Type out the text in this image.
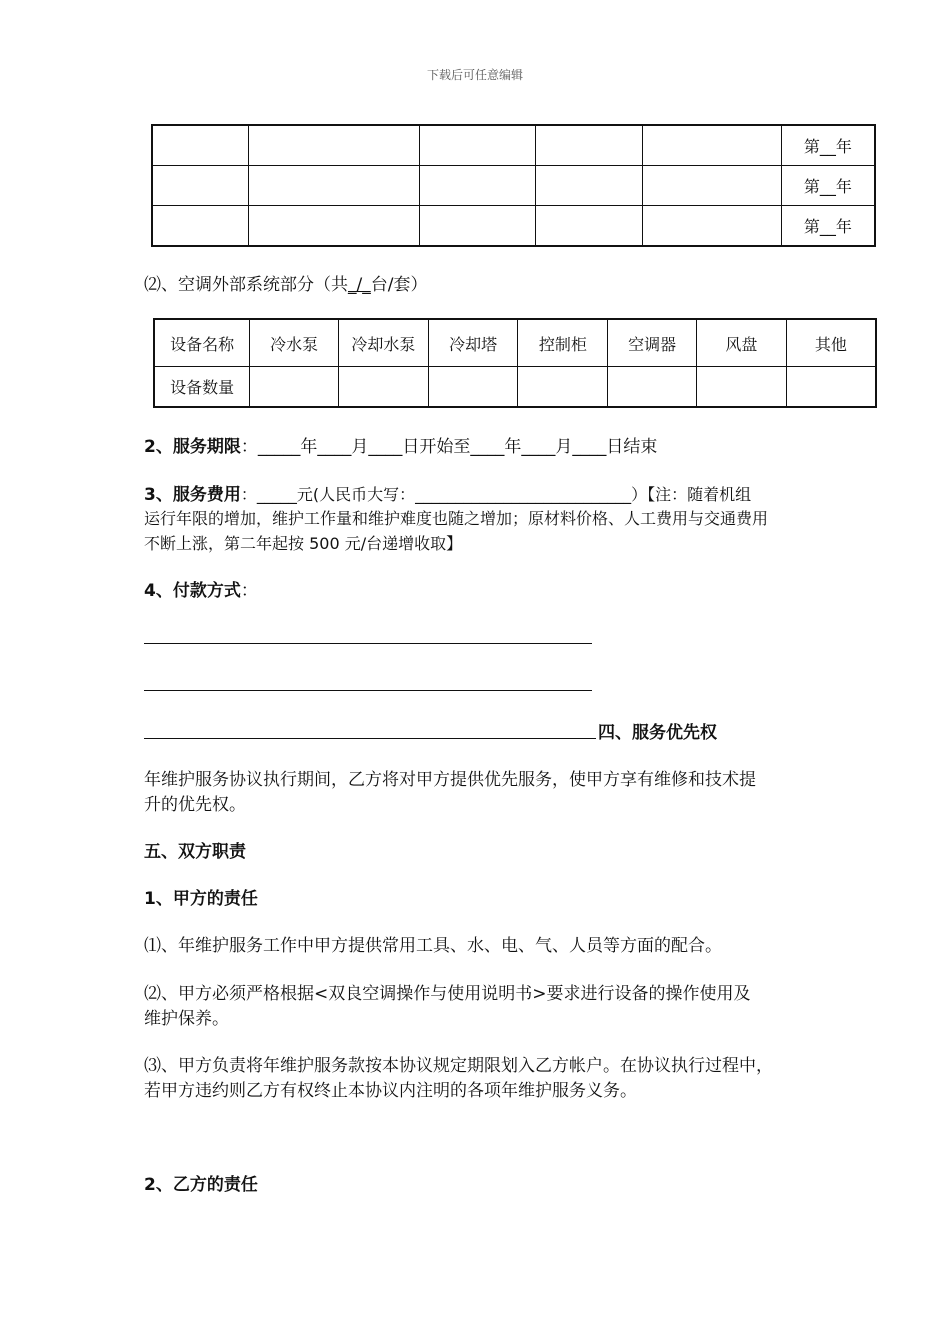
下载后可任意编辑
					第__年
					第__年
					第__年
⑵、空调外部系统部分（共_/_台/套）
设备名称	冷水泵	冷却水泵	冷却塔	控制柜	空调器	风盘	其他
设备数量							
2、服务期限：_____年____月____日开始至____年____月____日结束
3、服务费用：_____元(人民币大写：___________________________）【注：随着机组
运行年限的增加，维护工作量和维护难度也随之增加；原材料价格、人工费用与交通费用
不断上涨，第二年起按 500 元/台递增收取】
4、付款方式：
四、服务优先权
年维护服务协议执行期间，乙方将对甲方提供优先服务，使甲方享有维修和技术提
升的优先权。
五、双方职责
1、甲方的责任
⑴、年维护服务工作中甲方提供常用工具、水、电、气、人员等方面的配合。
⑵、甲方必须严格根据<双良空调操作与使用说明书>要求进行设备的操作使用及
维护保养。
⑶、甲方负责将年维护服务款按本协议规定期限划入乙方帐户。在协议执行过程中，
若甲方违约则乙方有权终止本协议内注明的各项年维护服务义务。
2、乙方的责任
